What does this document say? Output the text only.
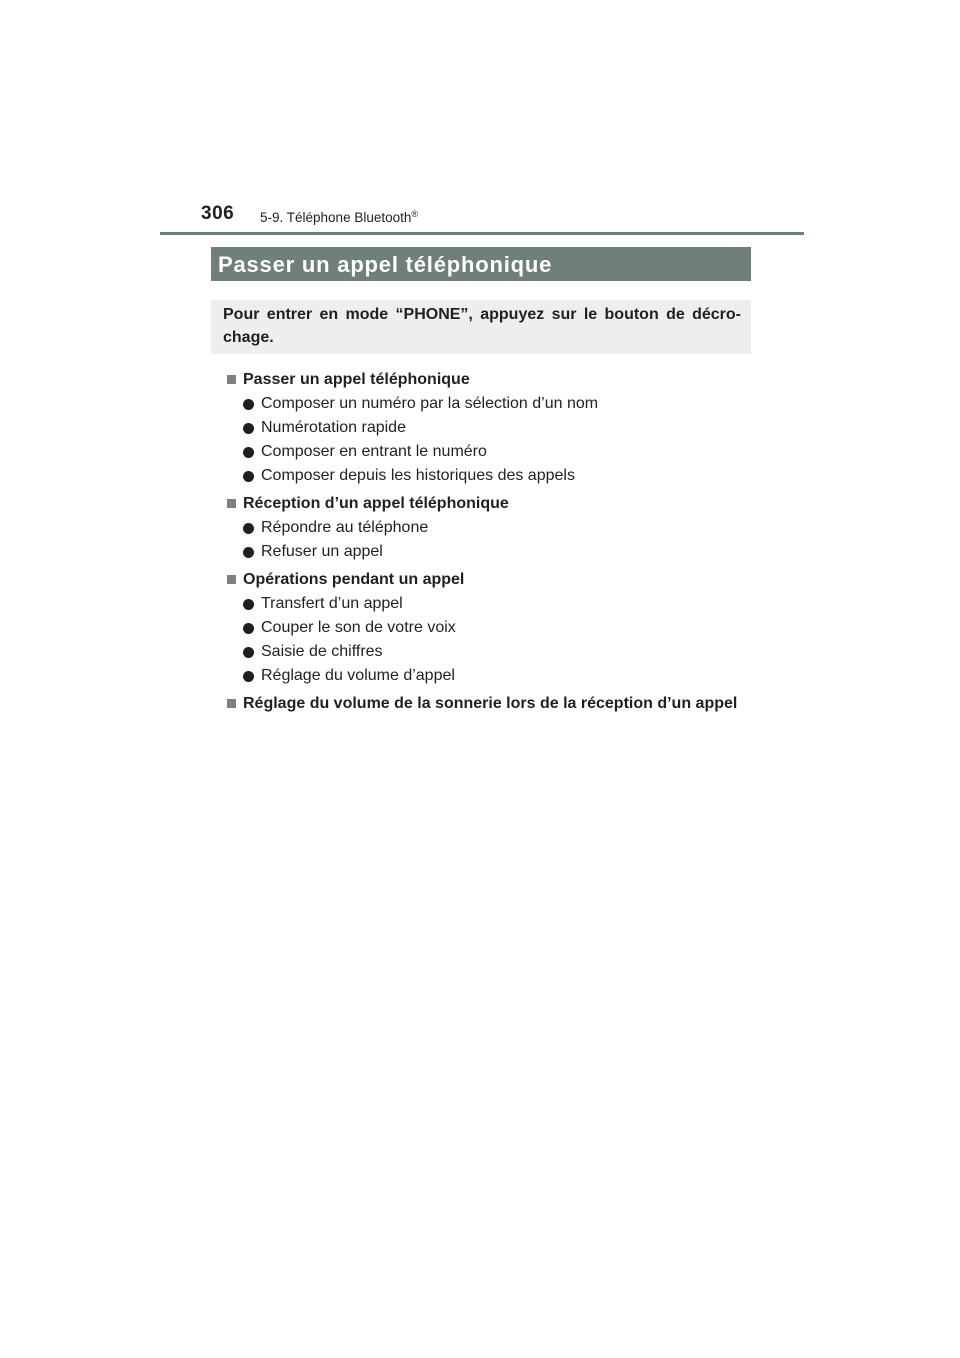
306 5-9. Téléphone Bluetooth®
Passer un appel téléphonique
Pour entrer en mode “PHONE”, appuyez sur le bouton de décro-chage.
Passer un appel téléphonique
Composer un numéro par la sélection d’un nom
Numérotation rapide
Composer en entrant le numéro
Composer depuis les historiques des appels
Réception d’un appel téléphonique
Répondre au téléphone
Refuser un appel
Opérations pendant un appel
Transfert d’un appel
Couper le son de votre voix
Saisie de chiffres
Réglage du volume d’appel
Réglage du volume de la sonnerie lors de la réception d’un appel
